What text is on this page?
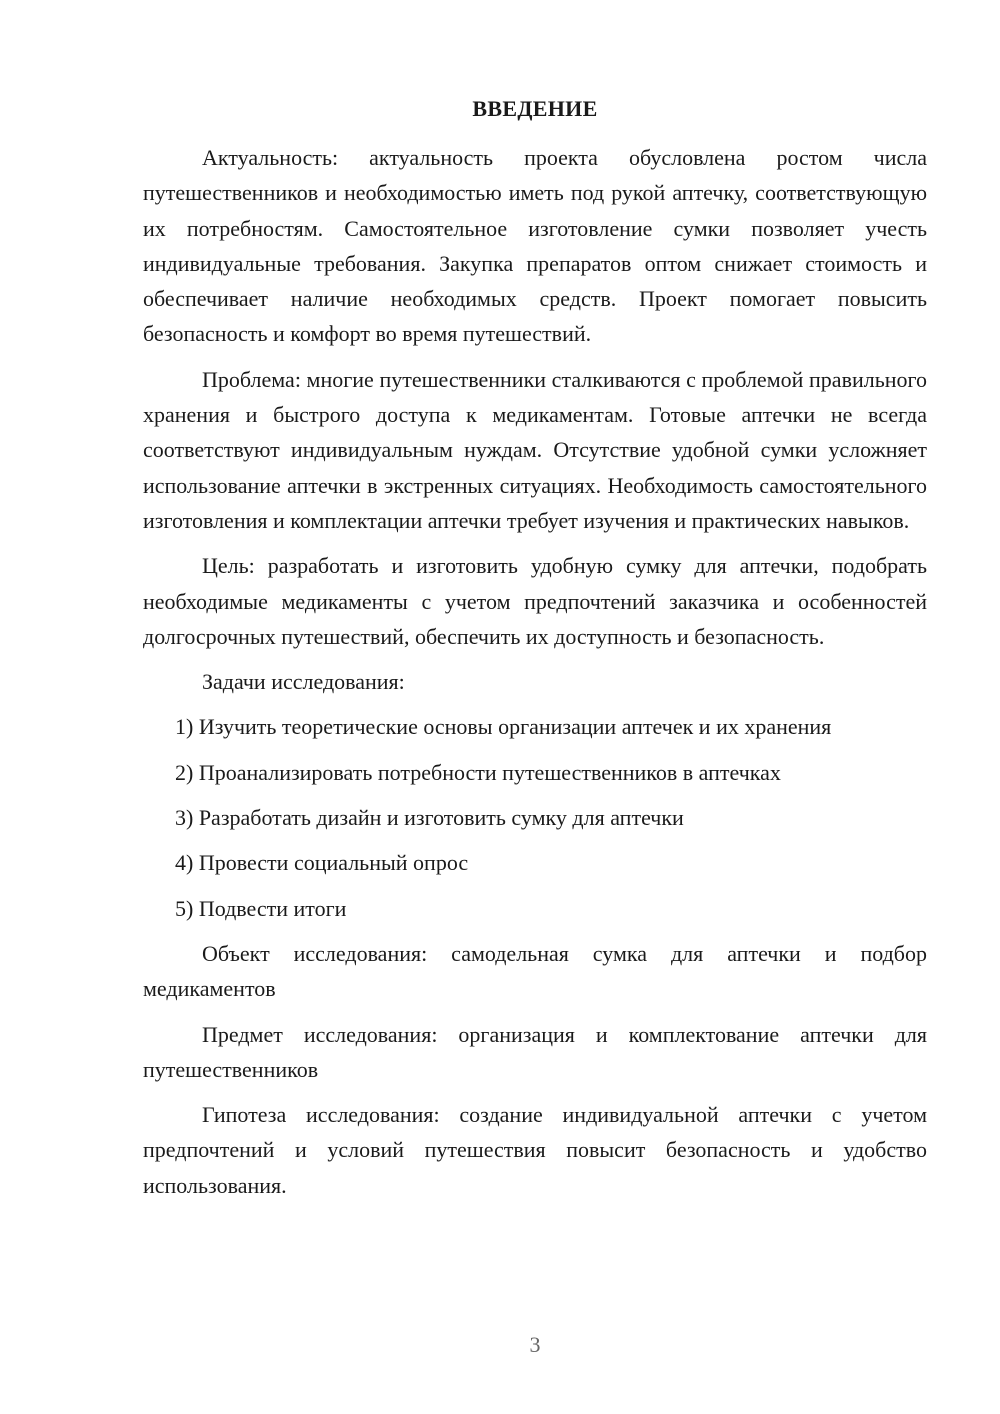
ВВЕДЕНИЕ

Актуальность: актуальность проекта обусловлена ростом числа путешественников и необходимостью иметь под рукой аптечку, соответствующую их потребностям. Самостоятельное изготовление сумки позволяет учесть индивидуальные требования. Закупка препаратов оптом снижает стоимость и обеспечивает наличие необходимых средств. Проект помогает повысить безопасность и комфорт во время путешествий.

Проблема: многие путешественники сталкиваются с проблемой правильного хранения и быстрого доступа к медикаментам. Готовые аптечки не всегда соответствуют индивидуальным нуждам. Отсутствие удобной сумки усложняет использование аптечки в экстренных ситуациях. Необходимость самостоятельного изготовления и комплектации аптечки требует изучения и практических навыков.

Цель: разработать и изготовить удобную сумку для аптечки, подобрать необходимые медикаменты с учетом предпочтений заказчика и особенностей долгосрочных путешествий, обеспечить их доступность и безопасность.

Задачи исследования:

1) Изучить теоретические основы организации аптечек и их хранения
2) Проанализировать потребности путешественников в аптечках
3) Разработать дизайн и изготовить сумку для аптечки
4) Провести социальный опрос
5) Подвести итоги

Объект исследования: самодельная сумка для аптечки и подбор медикаментов

Предмет исследования: организация и комплектование аптечки для путешественников

Гипотеза исследования: создание индивидуальной аптечки с учетом предпочтений и условий путешествия повысит безопасность и удобство использования.

3
